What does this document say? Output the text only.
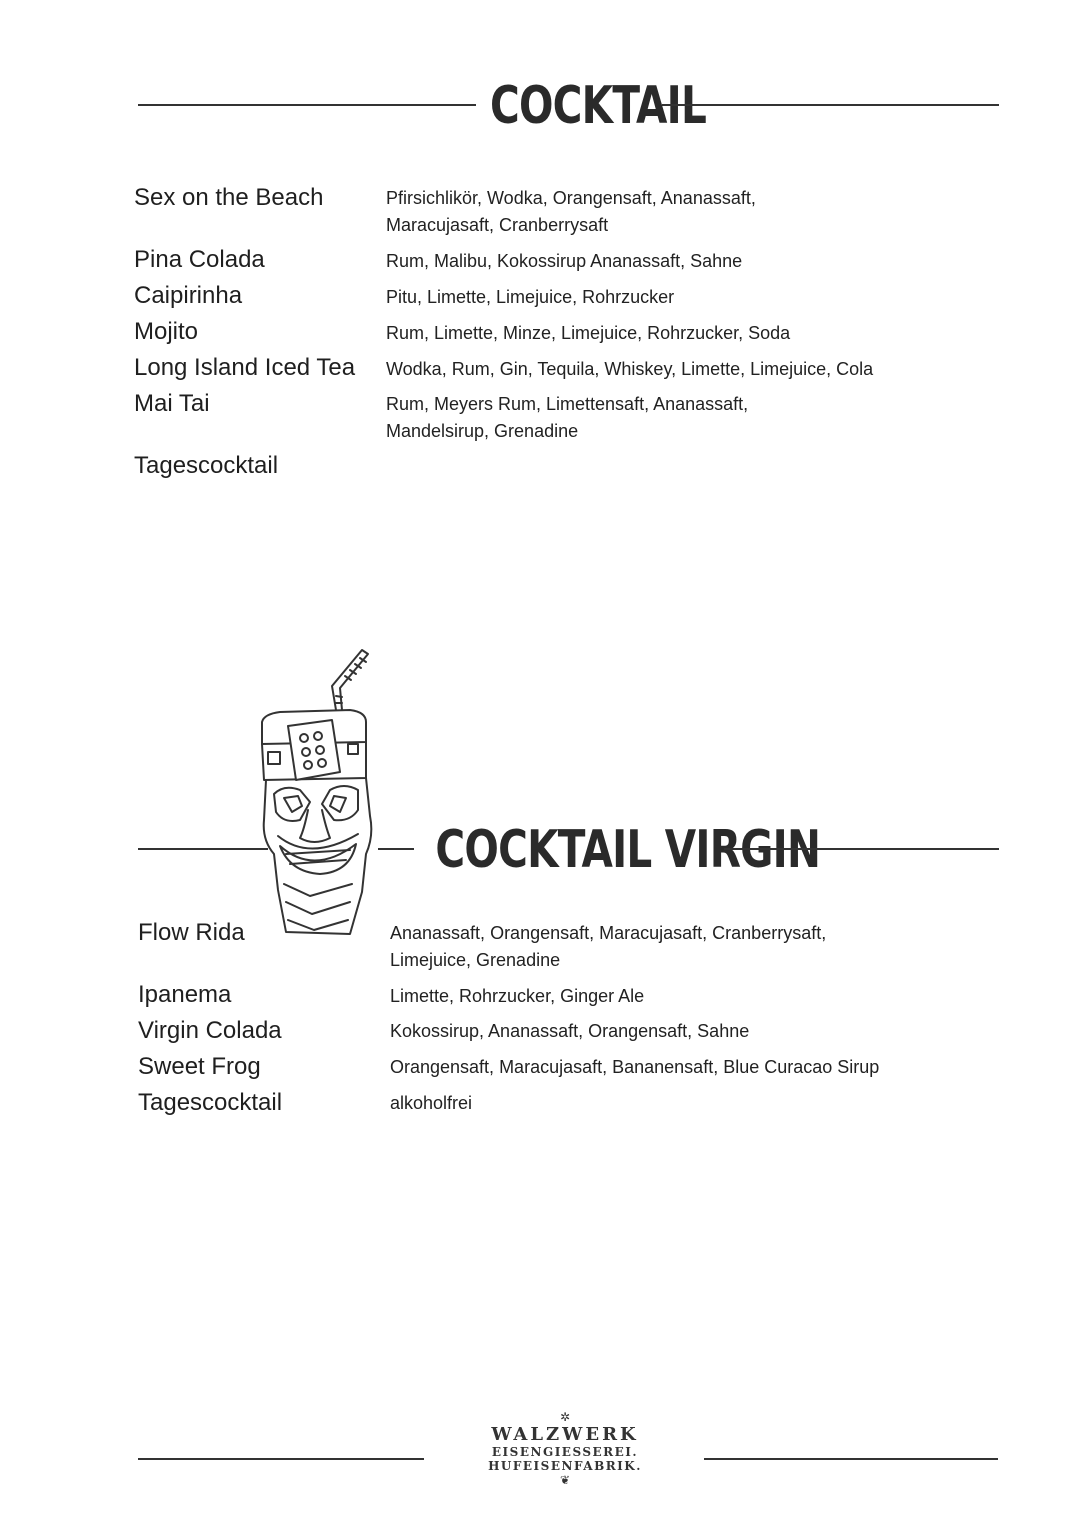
COCKTAIL
Sex on the Beach	Pfirsichlikör, Wodka, Orangensaft, Ananassaft,
Maracujasaft, Cranberrysaft
Pina Colada	Rum, Malibu, Kokossirup Ananassaft, Sahne
Caipirinha	Pitu, Limette, Limejuice, Rohrzucker
Mojito	Rum, Limette, Minze, Limejuice, Rohrzucker, Soda
Long Island Iced Tea Wodka, Rum, Gin, Tequila, Whiskey, Limette, Limejuice, Cola
Mai Tai	Rum, Meyers Rum, Limettensaft, Ananassaft,
Mandelsirup, Grenadine
Tagescocktail
COCKTAIL VIRGIN
Flow Rida	Ananassaft, Orangensaft, Maracujasaft, Cranberrysaft,
Limejuice, Grenadine
Ipanema	Limette, Rohrzucker, Ginger Ale
Virgin Colada	Kokossirup, Ananassaft, Orangensaft, Sahne
Sweet Frog	Orangensaft, Maracujasaft, Bananensaft, Blue Curacao Sirup
Tagescocktail	alkoholfrei
✲
WALZWERK
EISENGIESSEREI. HUFEISENFABRIK.
❦
